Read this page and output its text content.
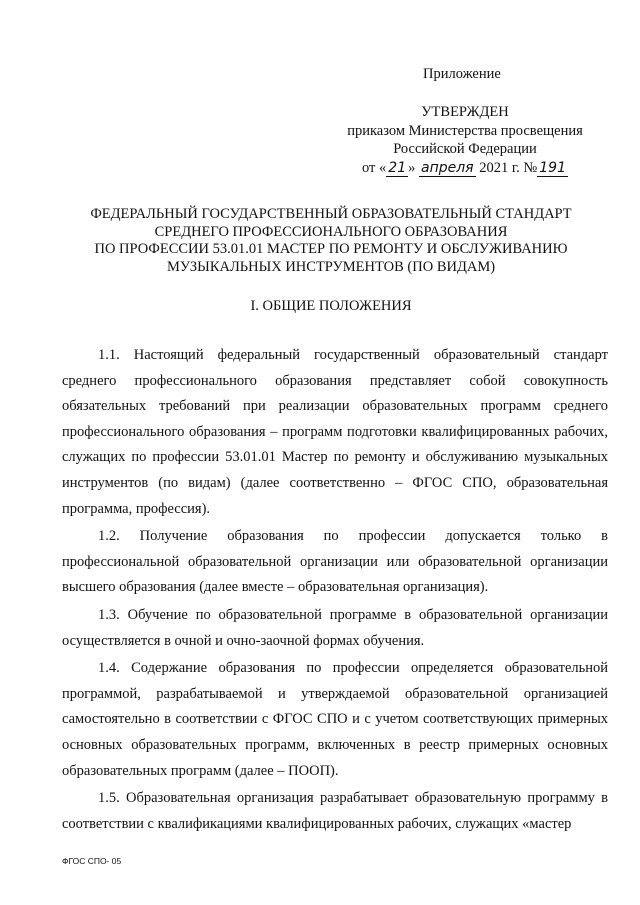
Приложение
УТВЕРЖДЕН
приказом Министерства просвещения
Российской Федерации
от « 21 » апреля 2021 г. № 191
ФЕДЕРАЛЬНЫЙ ГОСУДАРСТВЕННЫЙ ОБРАЗОВАТЕЛЬНЫЙ СТАНДАРТ
СРЕДНЕГО ПРОФЕССИОНАЛЬНОГО ОБРАЗОВАНИЯ
ПО ПРОФЕССИИ 53.01.01 МАСТЕР ПО РЕМОНТУ И ОБСЛУЖИВАНИЮ
МУЗЫКАЛЬНЫХ ИНСТРУМЕНТОВ (ПО ВИДАМ)
I. ОБЩИЕ ПОЛОЖЕНИЯ

1.1. Настоящий федеральный государственный образовательный стандарт среднего профессионального образования представляет собой совокупность обязательных требований при реализации образовательных программ среднего профессионального образования – программ подготовки квалифицированных рабочих, служащих по профессии 53.01.01 Мастер по ремонту и обслуживанию музыкальных инструментов (по видам) (далее соответственно – ФГОС СПО, образовательная программа, профессия).

1.2. Получение образования по профессии допускается только в профессиональной образовательной организации или образовательной организации высшего образования (далее вместе – образовательная организация).

1.3. Обучение по образовательной программе в образовательной организации осуществляется в очной и очно-заочной формах обучения.

1.4. Содержание образования по профессии определяется образовательной программой, разрабатываемой и утверждаемой образовательной организацией самостоятельно в соответствии с ФГОС СПО и с учетом соответствующих примерных основных образовательных программ, включенных в реестр примерных основных образовательных программ (далее – ПООП).

1.5. Образовательная организация разрабатывает образовательную программу в соответствии с квалификациями квалифицированных рабочих, служащих «мастер

ФГОС СПО- 05
